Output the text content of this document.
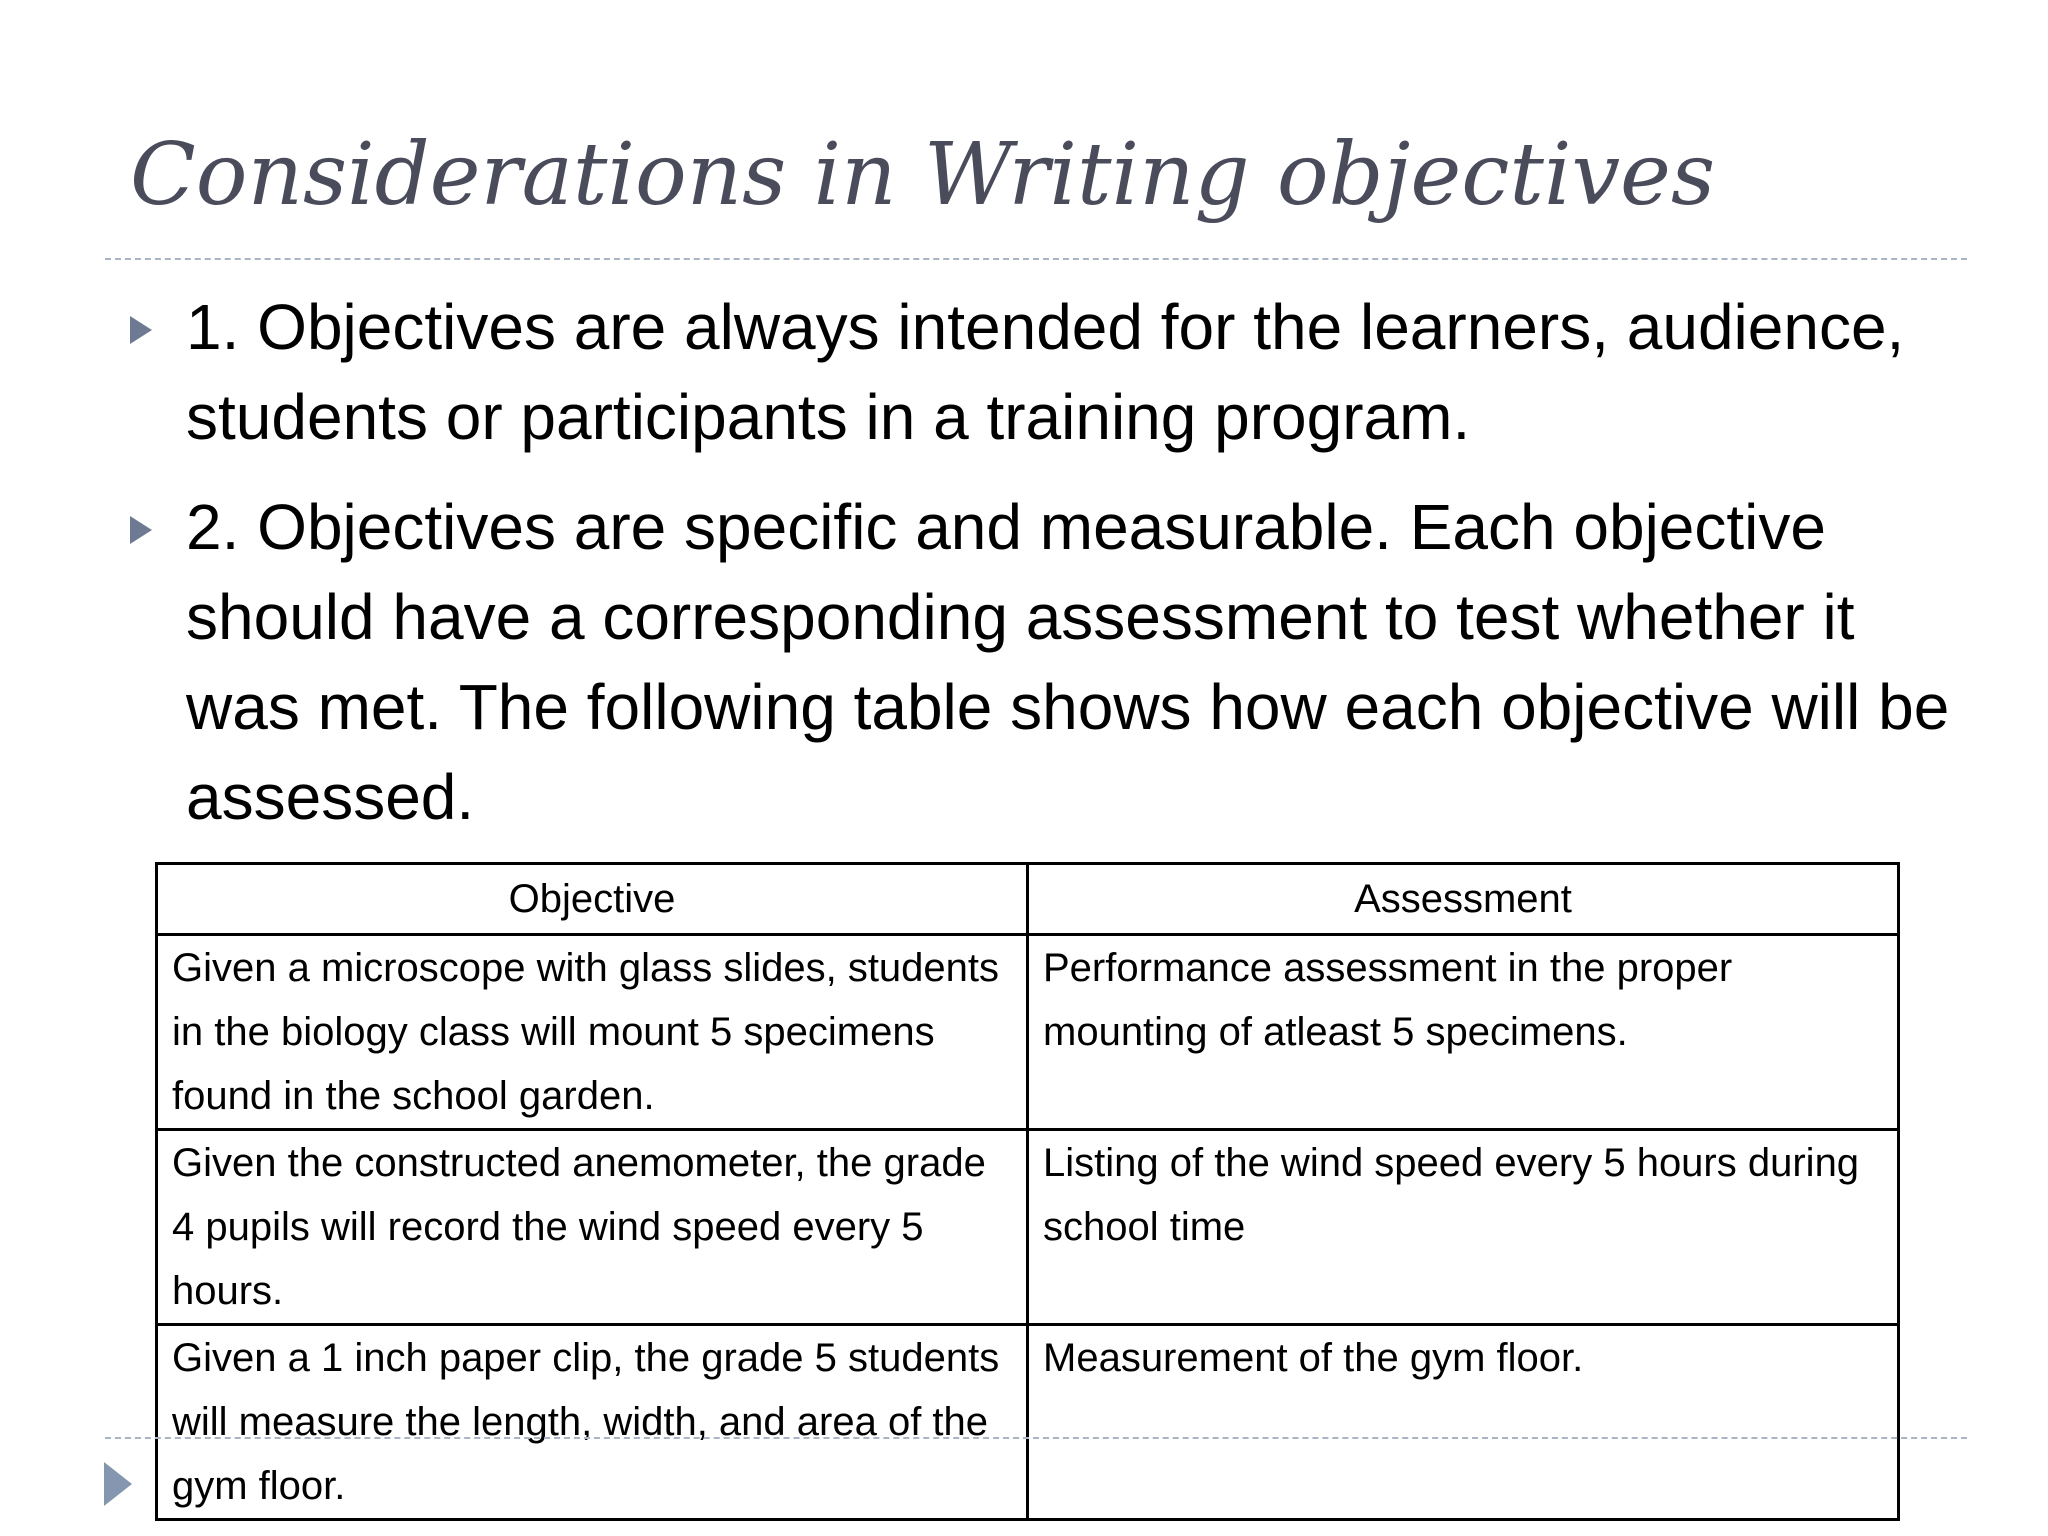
Considerations in Writing objectives
1. Objectives are always intended for the learners, audience, students or participants in a training program.
2. Objectives are specific and measurable. Each objective should have a corresponding assessment to test whether it was met. The following table shows how each objective will be assessed.
Objective	Assessment
Given a microscope with glass slides, students in the biology class will mount 5 specimens found in the school garden.	Performance assessment in the proper mounting of atleast 5 specimens.
Given the constructed anemometer, the grade 4 pupils will record the wind speed every 5 hours.	Listing of the wind speed every 5 hours during school time
Given a 1 inch paper clip, the grade 5 students will measure the length, width, and area of the gym floor.	Measurement of the gym floor.
